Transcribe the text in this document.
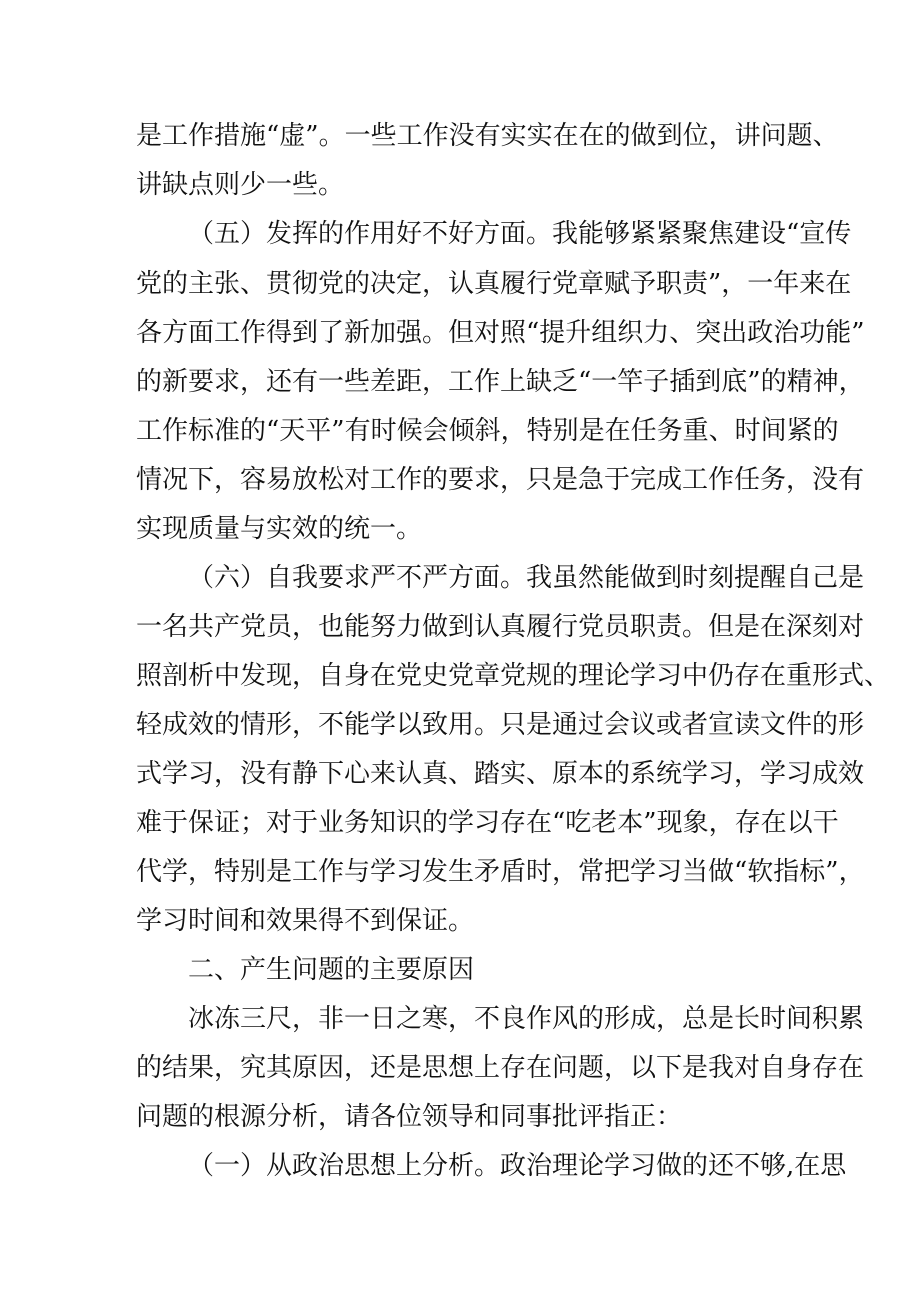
是工作措施“虚”。一些工作没有实实在在的做到位，讲问题、
讲缺点则少一些。
（五）发挥的作用好不好方面。我能够紧紧聚焦建设“宣传
党的主张、贯彻党的决定，认真履行党章赋予职责”，一年来在
各方面工作得到了新加强。但对照“提升组织力、突出政治功能”
的新要求，还有一些差距，工作上缺乏“一竿子插到底”的精神，
工作标准的“天平”有时候会倾斜，特别是在任务重、时间紧的
情况下，容易放松对工作的要求，只是急于完成工作任务，没有
实现质量与实效的统一。
（六）自我要求严不严方面。我虽然能做到时刻提醒自己是
一名共产党员，也能努力做到认真履行党员职责。但是在深刻对
照剖析中发现，自身在党史党章党规的理论学习中仍存在重形式、
轻成效的情形，不能学以致用。只是通过会议或者宣读文件的形
式学习，没有静下心来认真、踏实、原本的系统学习，学习成效
难于保证；对于业务知识的学习存在“吃老本”现象，存在以干
代学，特别是工作与学习发生矛盾时，常把学习当做“软指标”，
学习时间和效果得不到保证。
二、产生问题的主要原因
冰冻三尺，非一日之寒，不良作风的形成，总是长时间积累
的结果，究其原因，还是思想上存在问题，以下是我对自身存在
问题的根源分析，请各位领导和同事批评指正：
（一）从政治思想上分析。政治理论学习做的还不够,在思
